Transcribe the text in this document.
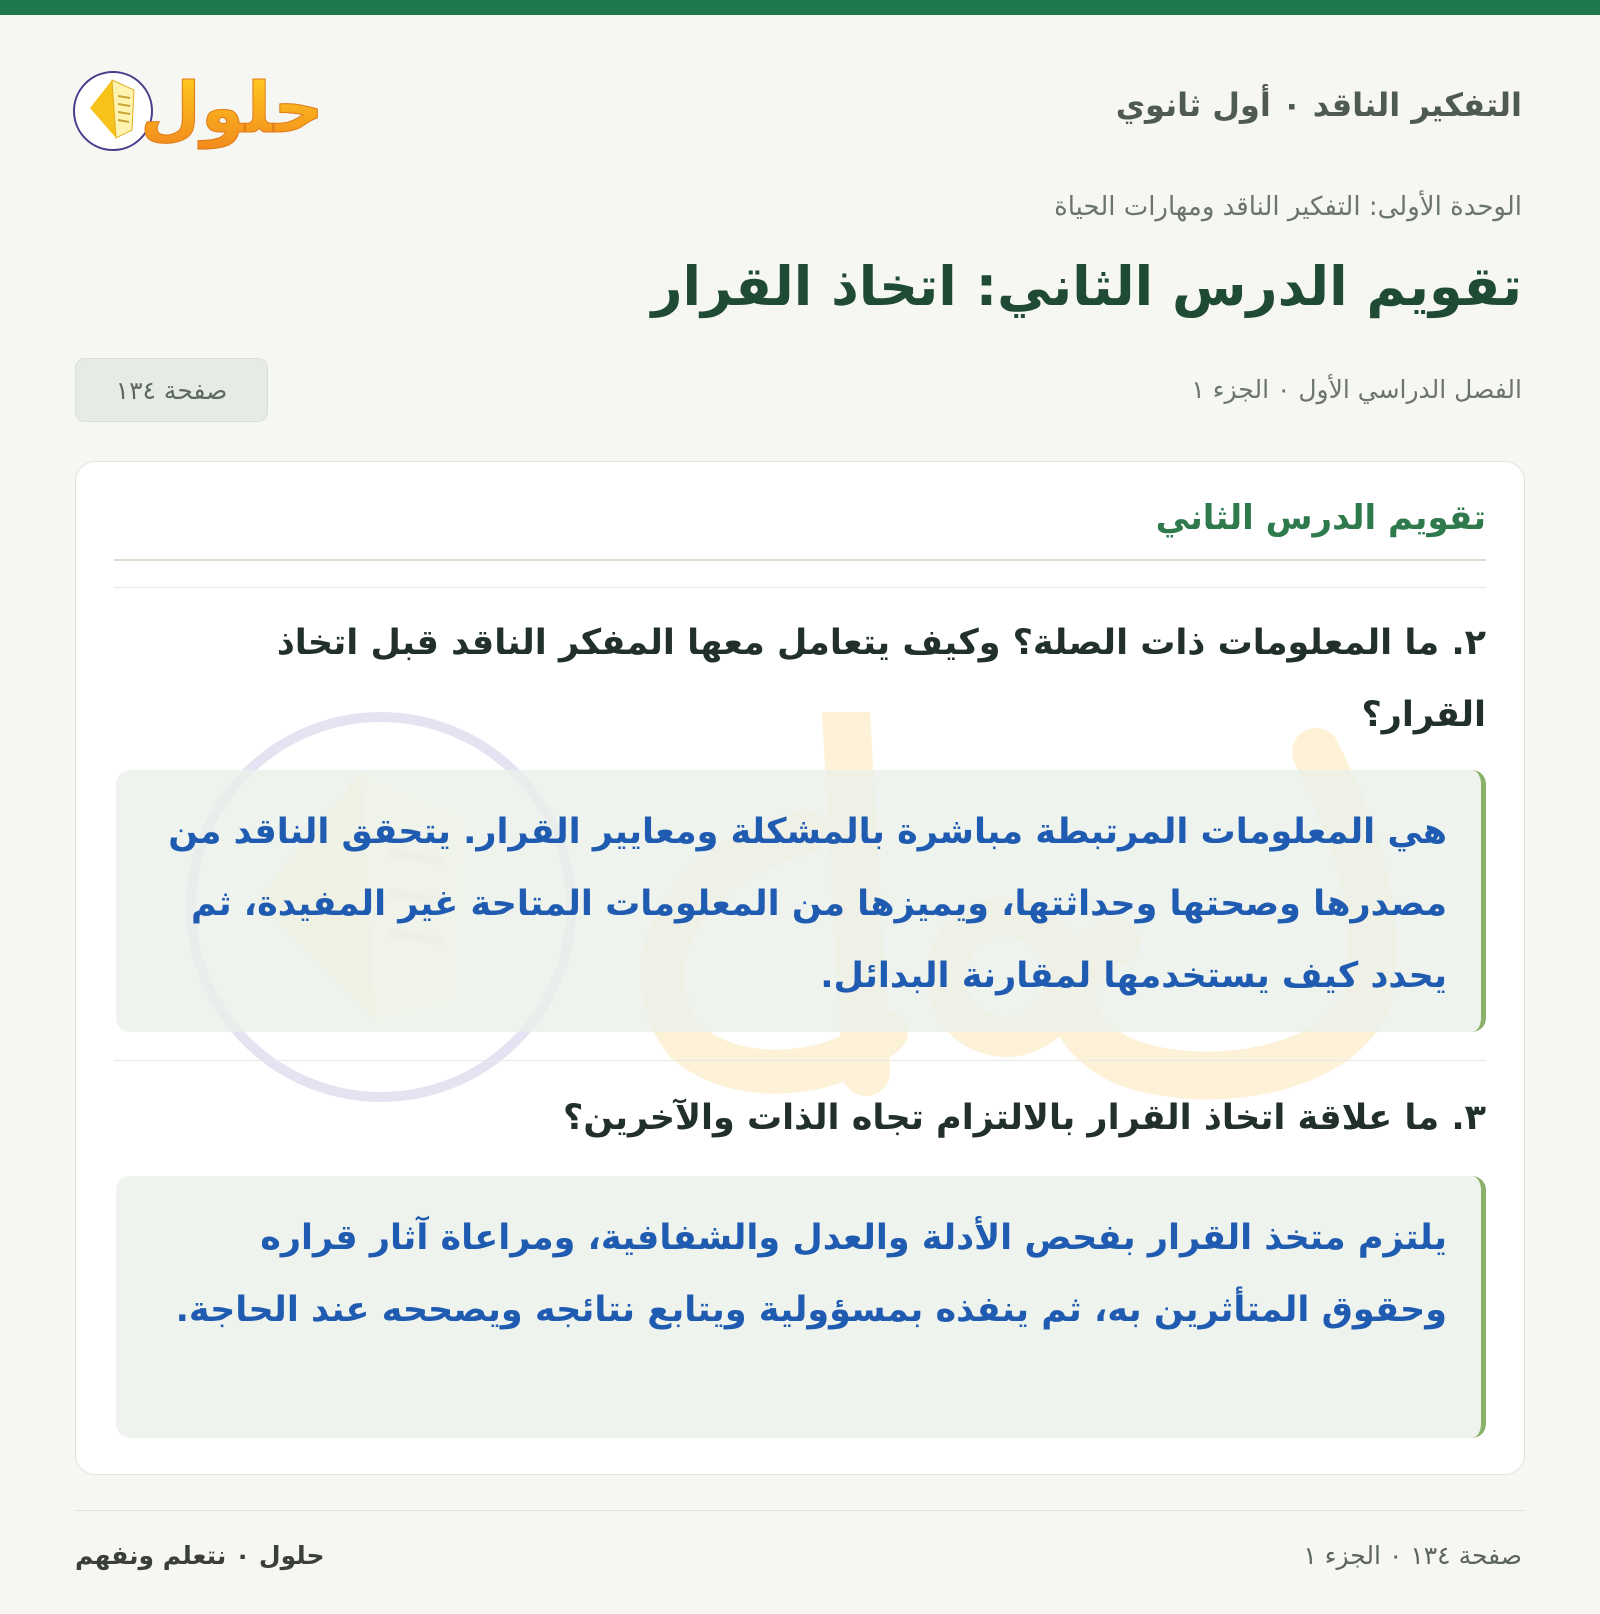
التفكير الناقد ٠ أول ثانوي
حلول

الوحدة الأولى: التفكير الناقد ومهارات الحياة

تقويم الدرس الثاني: اتخاذ القرار

الفصل الدراسي الأول ٠ الجزء ١

صفحة ١٣٤
تقويم الدرس الثاني

٢. ما المعلومات ذات الصلة؟ وكيف يتعامل معها المفكر الناقد قبل اتخاذ القرار؟

هي المعلومات المرتبطة مباشرة بالمشكلة ومعايير القرار. يتحقق الناقد من مصدرها وصحتها وحداثتها، ويميزها من المعلومات المتاحة غير المفيدة، ثم يحدد كيف يستخدمها لمقارنة البدائل.

٣. ما علاقة اتخاذ القرار بالالتزام تجاه الذات والآخرين؟

يلتزم متخذ القرار بفحص الأدلة والعدل والشفافية، ومراعاة آثار قراره وحقوق المتأثرين به، ثم ينفذه بمسؤولية ويتابع نتائجه ويصححه عند الحاجة.

صفحة ١٣٤ ٠ الجزء ١

حلول ٠ نتعلم ونفهم
